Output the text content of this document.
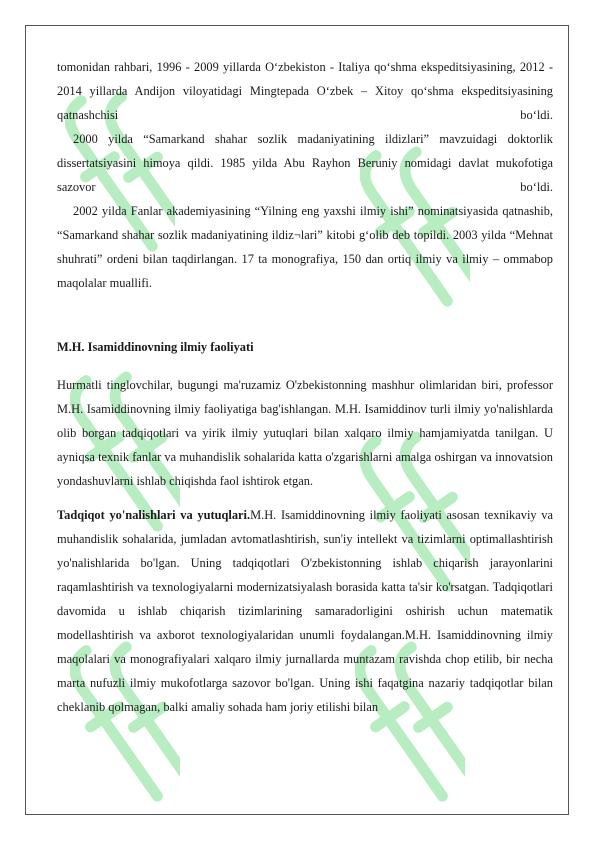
tomonidan rahbari, 1996 - 2009 yillarda O‘zbekiston - Italiya qo‘shma ekspeditsiyasining, 2012 - 2014 yillarda Andijon viloyatidagi Mingtepada O‘zbek – Xitoy qo‘shma ekspeditsiyasining qatnashchisi bo‘ldi.

2000 yilda “Samarkand shahar sozlik madaniyatining ildizlari” mavzuidagi doktorlik dissertatsiyasini himoya qildi. 1985 yilda Abu Rayhon Beruniy nomidagi davlat mukofotiga sazovor bo‘ldi.

2002 yilda Fanlar akademiyasining “Yilning eng yaxshi ilmiy ishi” nominatsiyasida qatnashib, “Samarkand shahar sozlik madaniyatining ildiz¬lari” kitobi g‘olib deb topildi. 2003 yilda “Mehnat shuhrati” ordeni bilan taqdirlangan. 17 ta monografiya, 150 dan ortiq ilmiy va ilmiy – ommabop maqolalar muallifi.

M.H. Isamiddinovning ilmiy faoliyati

Hurmatli tinglovchilar, bugungi ma'ruzamiz O'zbekistonning mashhur olimlaridan biri, professor M.H. Isamiddinovning ilmiy faoliyatiga bag'ishlangan. M.H. Isamiddinov turli ilmiy yo'nalishlarda olib borgan tadqiqotlari va yirik ilmiy yutuqlari bilan xalqaro ilmiy hamjamiyatda tanilgan. U ayniqsa texnik fanlar va muhandislik sohalarida katta o'zgarishlarni amalga oshirgan va innovatsion yondashuvlarni ishlab chiqishda faol ishtirok etgan.

Tadqiqot yo'nalishlari va yutuqlari.M.H. Isamiddinovning ilmiy faoliyati asosan texnikaviy va muhandislik sohalarida, jumladan avtomatlashtirish, sun'iy intellekt va tizimlarni optimallashtirish yo'nalishlarida bo'lgan. Uning tadqiqotlari O'zbekistonning ishlab chiqarish jarayonlarini raqamlashtirish va texnologiyalarni modernizatsiyalash borasida katta ta'sir ko'rsatgan. Tadqiqotlari davomida u ishlab chiqarish tizimlarining samaradorligini oshirish uchun matematik modellashtirish va axborot texnologiyalaridan unumli foydalangan.M.H. Isamiddinovning ilmiy maqolalari va monografiyalari xalqaro ilmiy jurnallarda muntazam ravishda chop etilib, bir necha marta nufuzli ilmiy mukofotlarga sazovor bo'lgan. Uning ishi faqatgina nazariy tadqiqotlar bilan cheklanib qolmagan, balki amaliy sohada ham joriy etilishi bilan
